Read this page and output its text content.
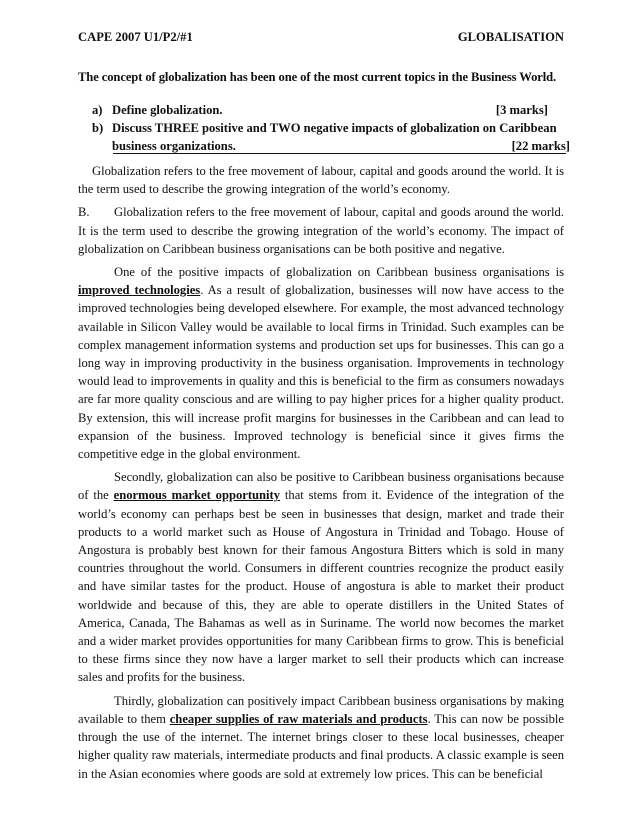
CAPE 2007 U1/P2/#1	GLOBALISATION
The concept of globalization has been one of the most current topics in the Business World.
a) Define globalization.	[3 marks]
b) Discuss THREE positive and TWO negative impacts of globalization on Caribbean business organizations.	[22 marks]

Globalization refers to the free movement of labour, capital and goods around the world. It is the term used to describe the growing integration of the world’s economy.

B. Globalization refers to the free movement of labour, capital and goods around the world. It is the term used to describe the growing integration of the world’s economy. The impact of globalization on Caribbean business organisations can be both positive and negative.

One of the positive impacts of globalization on Caribbean business organisations is improved technologies. As a result of globalization, businesses will now have access to the improved technologies being developed elsewhere. For example, the most advanced technology available in Silicon Valley would be available to local firms in Trinidad. Such examples can be complex management information systems and production set ups for businesses. This can go a long way in improving productivity in the business organisation. Improvements in technology would lead to improvements in quality and this is beneficial to the firm as consumers nowadays are far more quality conscious and are willing to pay higher prices for a higher quality product. By extension, this will increase profit margins for businesses in the Caribbean and can lead to expansion of the business. Improved technology is beneficial since it gives firms the competitive edge in the global environment.

Secondly, globalization can also be positive to Caribbean business organisations because of the enormous market opportunity that stems from it. Evidence of the integration of the world’s economy can perhaps best be seen in businesses that design, market and trade their products to a world market such as House of Angostura in Trinidad and Tobago. House of Angostura is probably best known for their famous Angostura Bitters which is sold in many countries throughout the world. Consumers in different countries recognize the product easily and have similar tastes for the product. House of angostura is able to market their product worldwide and because of this, they are able to operate distillers in the United States of America, Canada, The Bahamas as well as in Suriname. The world now becomes the market and a wider market provides opportunities for many Caribbean firms to grow. This is beneficial to these firms since they now have a larger market to sell their products which can increase sales and profits for the business.

Thirdly, globalization can positively impact Caribbean business organisations by making available to them cheaper supplies of raw materials and products. This can now be possible through the use of the internet. The internet brings closer to these local businesses, cheaper higher quality raw materials, intermediate products and final products. A classic example is seen in the Asian economies where goods are sold at extremely low prices. This can be beneficial
